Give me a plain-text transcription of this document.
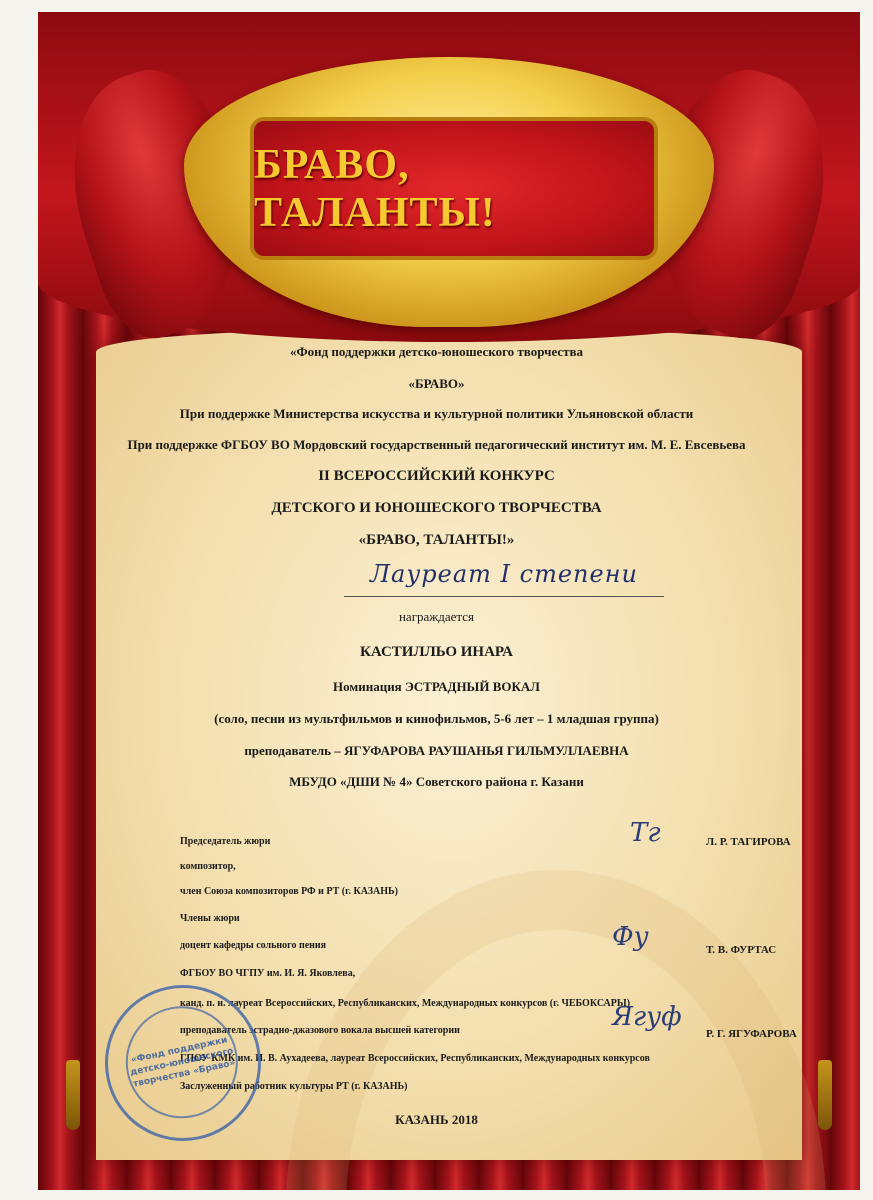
БРАВО, ТАЛАНТЫ!
«Фонд поддержки детско-юношеского творчества
«БРАВО»
При поддержке Министерства искусства и культурной политики Ульяновской области
При поддержке ФГБОУ ВО Мордовский государственный педагогический институт им. М. Е. Евсевьева
II ВСЕРОССИЙСКИЙ КОНКУРС
ДЕТСКОГО И ЮНОШЕСКОГО ТВОРЧЕСТВА
«БРАВО, ТАЛАНТЫ!»
Лауреат I степени
награждается
КАСТИЛЛЬО ИНАРА
Номинация ЭСТРАДНЫЙ ВОКАЛ
(соло, песни из мультфильмов и кинофильмов, 5-6 лет – 1 младшая группа)
преподаватель – ЯГУФАРОВА РАУШАНЬЯ ГИЛЬМУЛЛАЕВНА
МБУДО «ДШИ № 4» Советского района г. Казани
Председатель жюри
композитор,
член Союза композиторов РФ и РТ (г. КАЗАНЬ)
Члены жюри
доцент кафедры сольного пения
ФГБОУ ВО ЧГПУ им. И. Я. Яковлева,
канд. п. н. лауреат Всероссийских, Республиканских, Международных конкурсов (г. ЧЕБОКСАРЫ)
преподаватель эстрадно-джазового вокала высшей категории
ГПОУ КМК им. И. В. Аухадеева, лауреат Всероссийских, Республиканских, Международных конкурсов
Заслуженный работник культуры РТ (г. КАЗАНЬ)
Тг	Л. Р. ТАГИРОВА
Фу	Т. В. ФУРТАС
Ягуф
Р. Г. ЯГУФАРОВА
«Фонд поддержки детско-юношеского творчества «Браво»
КАЗАНЬ 2018
